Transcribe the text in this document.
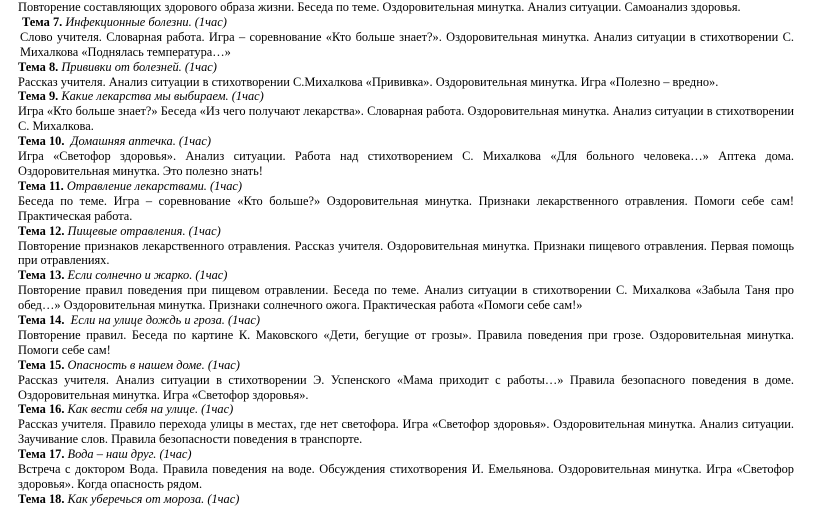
Повторение составляющих здорового образа жизни. Беседа по теме. Оздоровительная минутка. Анализ ситуации. Самоанализ здоровья.
Тема 7. Инфекционные болезни. (1час)
Слово учителя. Словарная работа. Игра – соревнование «Кто больше знает?». Оздоровительная минутка. Анализ ситуации в стихотворении С. Михалкова «Поднялась температура…»
Тема 8. Прививки от болезней. (1час)
Рассказ учителя. Анализ ситуации в стихотворении С.Михалкова «Прививка». Оздоровительная минутка. Игра «Полезно – вредно».
Тема 9. Какие лекарства мы выбираем. (1час)
Игра «Кто больше знает?» Беседа «Из чего получают лекарства». Словарная работа. Оздоровительная минутка. Анализ ситуации в стихотворении С. Михалкова.
Тема 10. Домашняя аптечка. (1час)
Игра «Светофор здоровья». Анализ ситуации. Работа над стихотворением С. Михалкова «Для больного человека…» Аптека дома. Оздоровительная минутка. Это полезно знать!
Тема 11. Отравление лекарствами. (1час)
Беседа по теме. Игра – соревнование «Кто больше?» Оздоровительная минутка. Признаки лекарственного отравления. Помоги себе сам! Практическая работа.
Тема 12. Пищевые отравления. (1час)
Повторение признаков лекарственного отравления. Рассказ учителя. Оздоровительная минутка. Признаки пищевого отравления. Первая помощь при отравлениях.
Тема 13. Если солнечно и жарко. (1час)
Повторение правил поведения при пищевом отравлении. Беседа по теме. Анализ ситуации в стихотворении С. Михалкова «Забыла Таня про обед…» Оздоровительная минутка. Признаки солнечного ожога. Практическая работа «Помоги себе сам!»
Тема 14. Если на улице дождь и гроза. (1час)
Повторение правил. Беседа по картине К. Маковского «Дети, бегущие от грозы». Правила поведения при грозе. Оздоровительная минутка. Помоги себе сам!
Тема 15. Опасность в нашем доме. (1час)
Рассказ учителя. Анализ ситуации в стихотворении Э. Успенского «Мама приходит с работы…» Правила безопасного поведения в доме. Оздоровительная минутка. Игра «Светофор здоровья».
Тема 16. Как вести себя на улице. (1час)
Рассказ учителя. Правило перехода улицы в местах, где нет светофора. Игра «Светофор здоровья». Оздоровительная минутка. Анализ ситуации. Заучивание слов. Правила безопасности поведения в транспорте.
Тема 17. Вода – наш друг. (1час)
Встреча с доктором Вода. Правила поведения на воде. Обсуждения стихотворения И. Емельянова. Оздоровительная минутка. Игра «Светофор здоровья». Когда опасность рядом.
Тема 18. Как уберечься от мороза. (1час)
